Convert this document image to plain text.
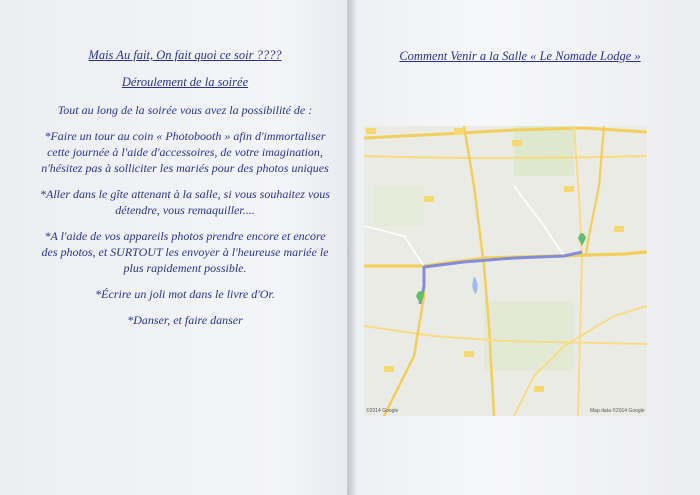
Mais Au fait, On fait quoi ce soir ????

Déroulement de la soirée

Tout au long de la soirée vous avez la possibilité de :

*Faire un tour au coin « Photobooth » afin d'immortaliser cette journée à l'aide d'accessoires, de votre imagination, n'hésitez pas à solliciter les mariés pour des photos uniques

*Aller dans le gîte attenant à la salle, si vous souhaitez vous détendre, vous remaquiller....

*A l'aide de vos appareils photos prendre encore et encore des photos, et SURTOUT les envoyer à l'heureuse mariée le plus rapidement possible.

*Écrire un joli mot dans le livre d'Or.

*Danser, et faire danser

Comment Venir a la Salle « Le Nomade Lodge »
©2014 Google	Map data ©2014 Google
